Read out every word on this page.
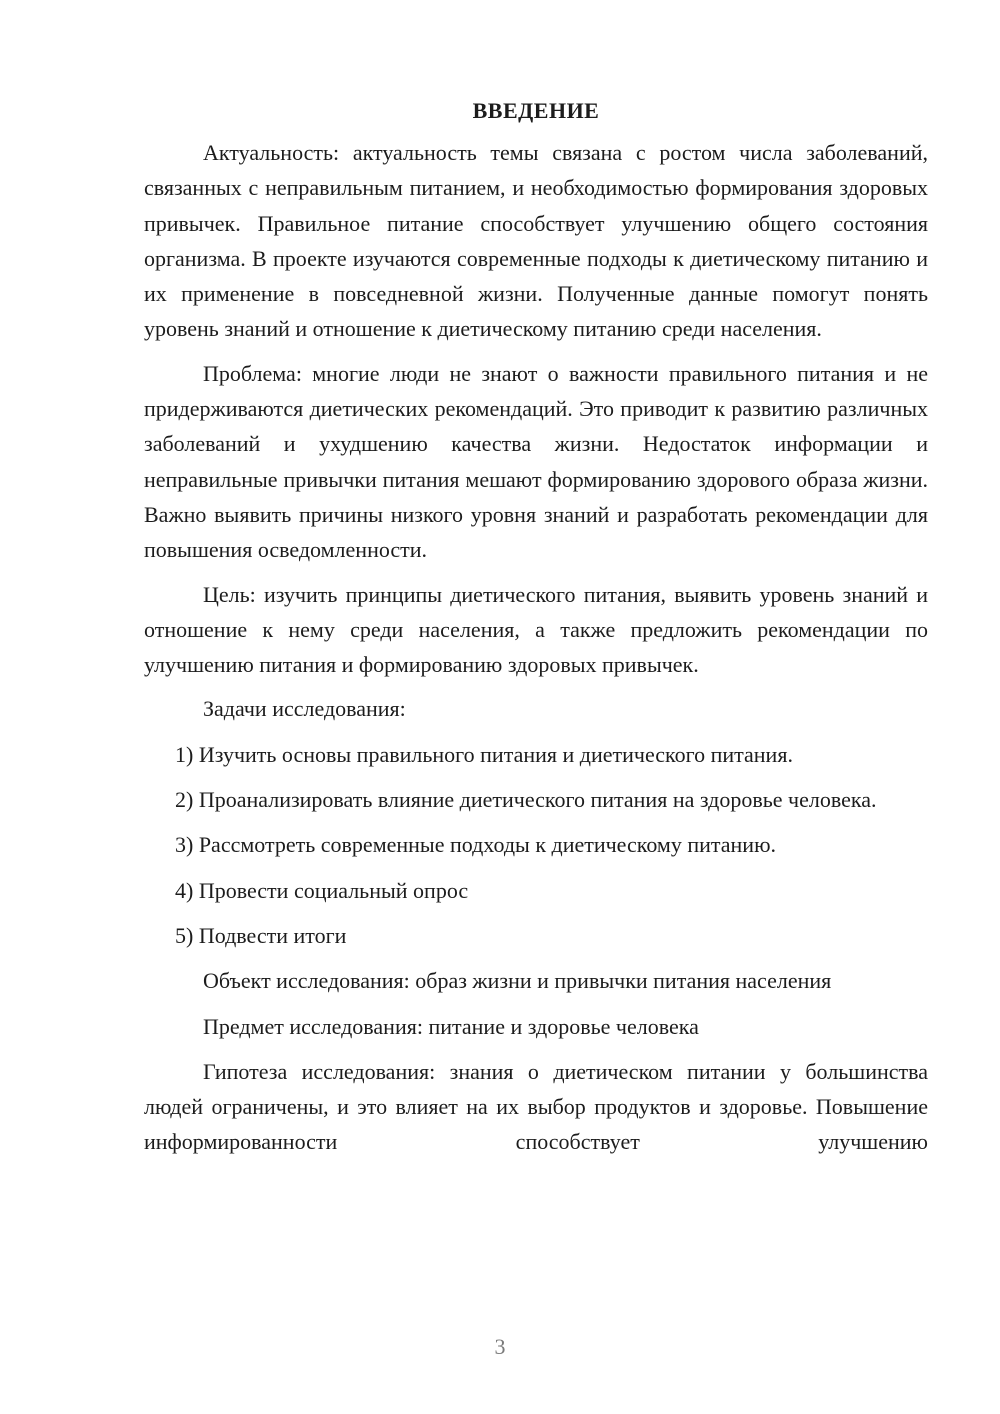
ВВЕДЕНИЕ

Актуальность: актуальность темы связана с ростом числа заболеваний, связанных с неправильным питанием, и необходимостью формирования здоровых привычек. Правильное питание способствует улучшению общего состояния организма. В проекте изучаются современные подходы к диетическому питанию и их применение в повседневной жизни. Полученные данные помогут понять уровень знаний и отношение к диетическому питанию среди населения.

Проблема: многие люди не знают о важности правильного питания и не придерживаются диетических рекомендаций. Это приводит к развитию различных заболеваний и ухудшению качества жизни. Недостаток информации и неправильные привычки питания мешают формированию здорового образа жизни. Важно выявить причины низкого уровня знаний и разработать рекомендации для повышения осведомленности.

Цель: изучить принципы диетического питания, выявить уровень знаний и отношение к нему среди населения, а также предложить рекомендации по улучшению питания и формированию здоровых привычек.

Задачи исследования:

1) Изучить основы правильного питания и диетического питания.

2) Проанализировать влияние диетического питания на здоровье человека.

3) Рассмотреть современные подходы к диетическому питанию.

4) Провести социальный опрос

5) Подвести итоги

Объект исследования: образ жизни и привычки питания населения

Предмет исследования: питание и здоровье человека

Гипотеза исследования: знания о диетическом питании у большинства людей ограничены, и это влияет на их выбор продуктов и здоровье. Повышение информированности способствует улучшению

3
